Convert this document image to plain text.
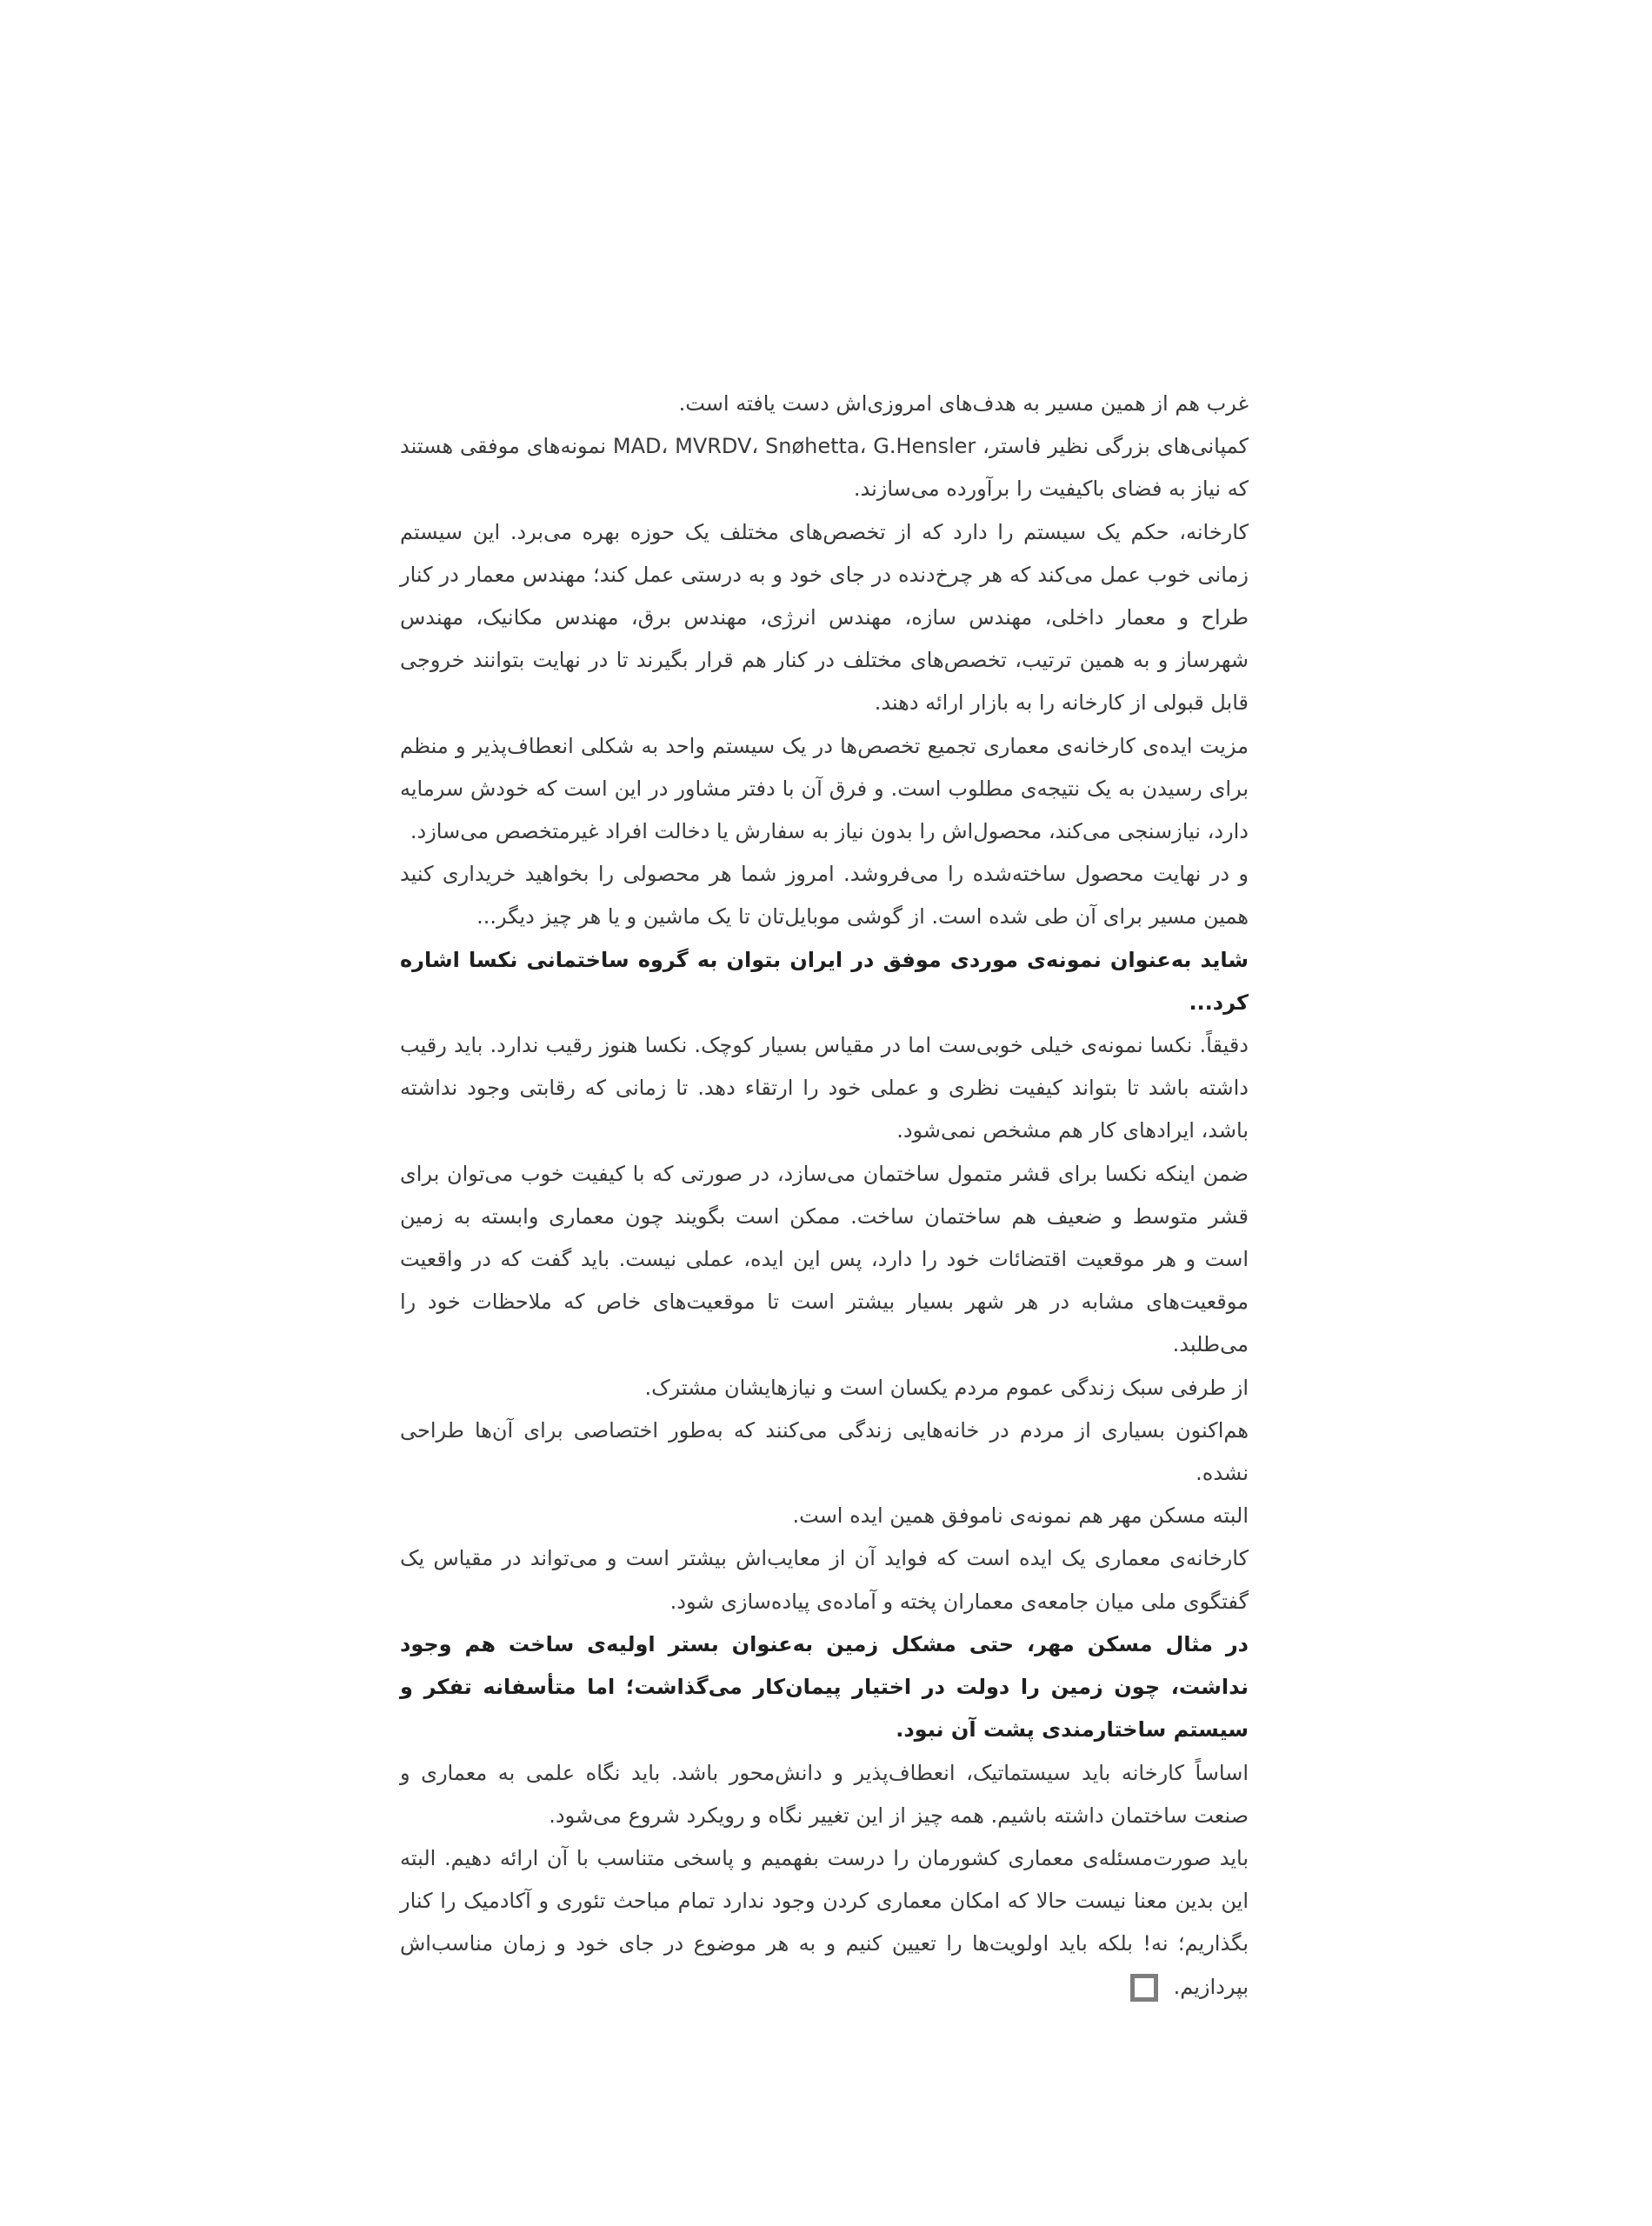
غرب هم از همین مسیر به هدف‌های امروزی‌اش دست یافته است.

کمپانی‌های بزرگی نظیر فاستر، MAD، MVRDV، Snøhetta، G.Hensler نمونه‌های موفقی هستند که نیاز به فضای باکیفیت را برآورده می‌سازند.

کارخانه، حکم یک سیستم را دارد که از تخصص‌های مختلف یک حوزه بهره می‌برد. این سیستم زمانی خوب عمل می‌کند که هر چرخ‌دنده در جای خود و به درستی عمل کند؛ مهندس معمار در کنار طراح و معمار داخلی، مهندس سازه، مهندس انرژی، مهندس برق، مهندس مکانیک، مهندس شهرساز و به همین ترتیب، تخصص‌های مختلف در کنار هم قرار بگیرند تا در نهایت بتوانند خروجی قابل قبولی از کارخانه را به بازار ارائه دهند.

مزیت ایده‌ی کارخانه‌ی معماری تجمیع تخصص‌ها در یک سیستم واحد به شکلی انعطاف‌پذیر و منظم برای رسیدن به یک نتیجه‌ی مطلوب است. و فرق آن با دفتر مشاور در این است که خودش سرمایه دارد، نیازسنجی می‌کند، محصول‌اش را بدون نیاز به سفارش یا دخالت افراد غیرمتخصص می‌سازد.

و در نهایت محصول ساخته‌شده را می‌فروشد. امروز شما هر محصولی را بخواهید خریداری کنید همین مسیر برای آن طی شده است. از گوشی موبایل‌تان تا یک ماشین و یا هر چیز دیگر...

شاید به‌عنوان نمونه‌ی موردی موفق در ایران بتوان به گروه ساختمانی نکسا اشاره کرد...

دقیقاً. نکسا نمونه‌ی خیلی خوبی‌ست اما در مقیاس بسیار کوچک. نکسا هنوز رقیب ندارد. باید رقیب داشته باشد تا بتواند کیفیت نظری و عملی خود را ارتقاء دهد. تا زمانی که رقابتی وجود نداشته باشد، ایرادهای کار هم مشخص نمی‌شود.

ضمن اینکه نکسا برای قشر متمول ساختمان می‌سازد، در صورتی که با کیفیت خوب می‌توان برای قشر متوسط و ضعیف هم ساختمان ساخت. ممکن است بگویند چون معماری وابسته به زمین است و هر موقعیت اقتضائات خود را دارد، پس این ایده، عملی نیست. باید گفت که در واقعیت موقعیت‌های مشابه در هر شهر بسیار بیشتر است تا موقعیت‌های خاص که ملاحظات خود را می‌طلبد.

از طرفی سبک زندگی عموم مردم یکسان است و نیازهایشان مشترک.

هم‌اکنون بسیاری از مردم در خانه‌هایی زندگی می‌کنند که به‌طور اختصاصی برای آن‌ها طراحی نشده.

البته مسکن مهر هم نمونه‌ی ناموفق همین ایده است.

کارخانه‌ی معماری یک ایده است که فواید آن از معایب‌اش بیشتر است و می‌تواند در مقیاس یک گفتگوی ملی میان جامعه‌ی معماران پخته و آماده‌ی پیاده‌سازی شود.

در مثال مسکن مهر، حتی مشکل زمین به‌عنوان بستر اولیه‌ی ساخت هم وجود نداشت، چون زمین را دولت در اختیار پیمان‌کار می‌گذاشت؛ اما متأسفانه تفکر و سیستم ساختارمندی پشت آن نبود.

اساساً کارخانه باید سیستماتیک، انعطاف‌پذیر و دانش‌محور باشد. باید نگاه علمی به معماری و صنعت ساختمان داشته باشیم. همه چیز از این تغییر نگاه و رویکرد شروع می‌شود.

باید صورت‌مسئله‌ی معماری کشورمان را درست بفهمیم و پاسخی متناسب با آن ارائه دهیم. البته این بدین معنا نیست حالا که امکان معماری کردن وجود ندارد تمام مباحث تئوری و آکادمیک را کنار بگذاریم؛ نه! بلکه باید اولویت‌ها را تعیین کنیم و به هر موضوع در جای خود و زمان مناسب‌اش بپردازیم.
